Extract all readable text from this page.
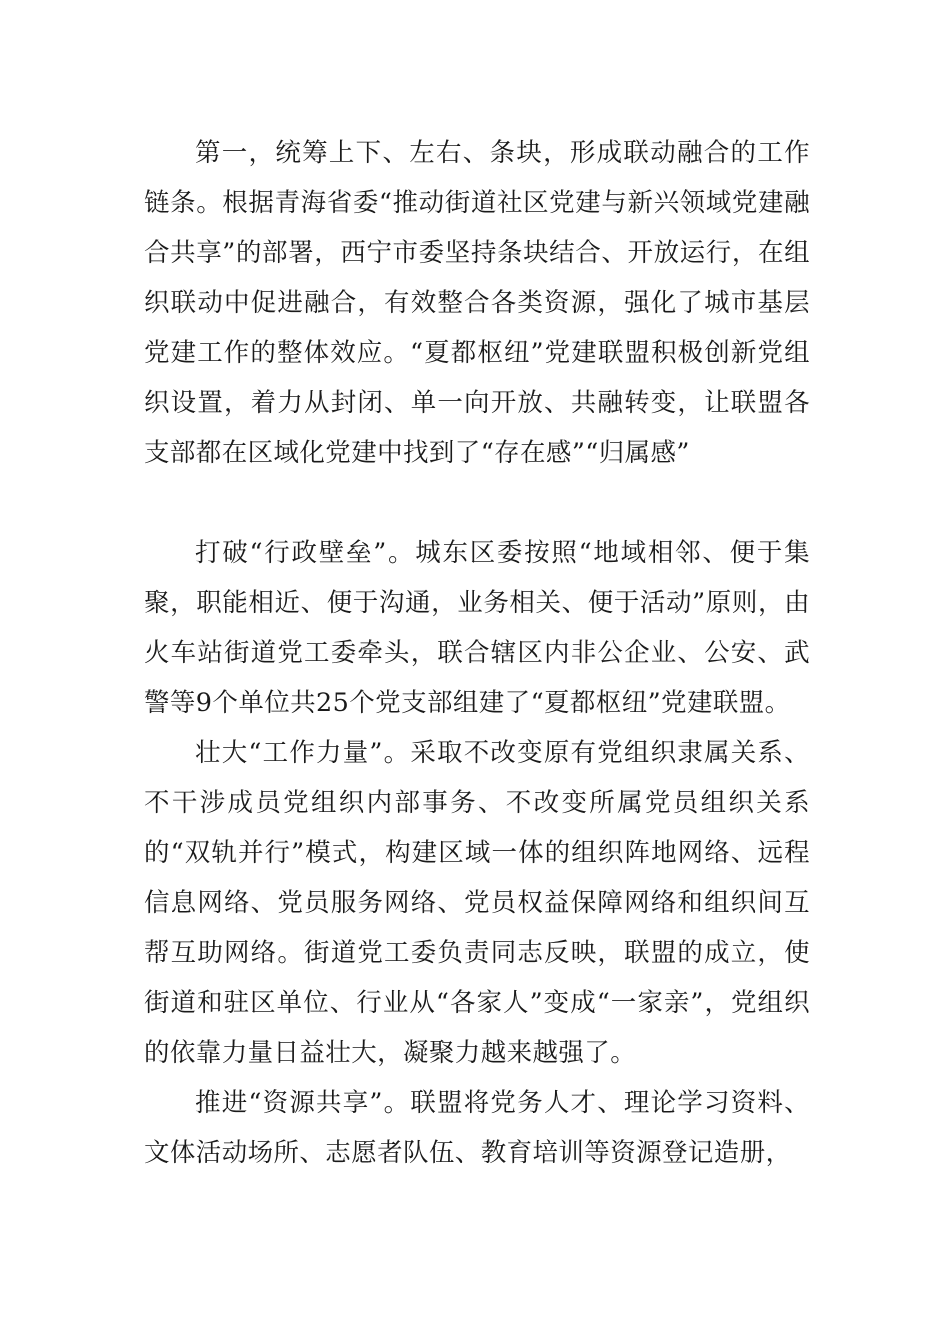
第一，统筹上下、左右、条块，形成联动融合的工作链条。根据青海省委“推动街道社区党建与新兴领域党建融合共享”的部署，西宁市委坚持条块结合、开放运行，在组织联动中促进融合，有效整合各类资源，强化了城市基层党建工作的整体效应。“夏都枢纽”党建联盟积极创新党组织设置，着力从封闭、单一向开放、共融转变，让联盟各支部都在区域化党建中找到了“存在感”“归属感”

打破“行政壁垒”。城东区委按照“地域相邻、便于集聚，职能相近、便于沟通，业务相关、便于活动”原则，由火车站街道党工委牵头，联合辖区内非公企业、公安、武警等9个单位共25个党支部组建了“夏都枢纽”党建联盟。

壮大“工作力量”。采取不改变原有党组织隶属关系、不干涉成员党组织内部事务、不改变所属党员组织关系的“双轨并行”模式，构建区域一体的组织阵地网络、远程信息网络、党员服务网络、党员权益保障网络和组织间互帮互助网络。街道党工委负责同志反映，联盟的成立，使街道和驻区单位、行业从“各家人”变成“一家亲”，党组织的依靠力量日益壮大，凝聚力越来越强了。

推进“资源共享”。联盟将党务人才、理论学习资料、文体活动场所、志愿者队伍、教育培训等资源登记造册，
